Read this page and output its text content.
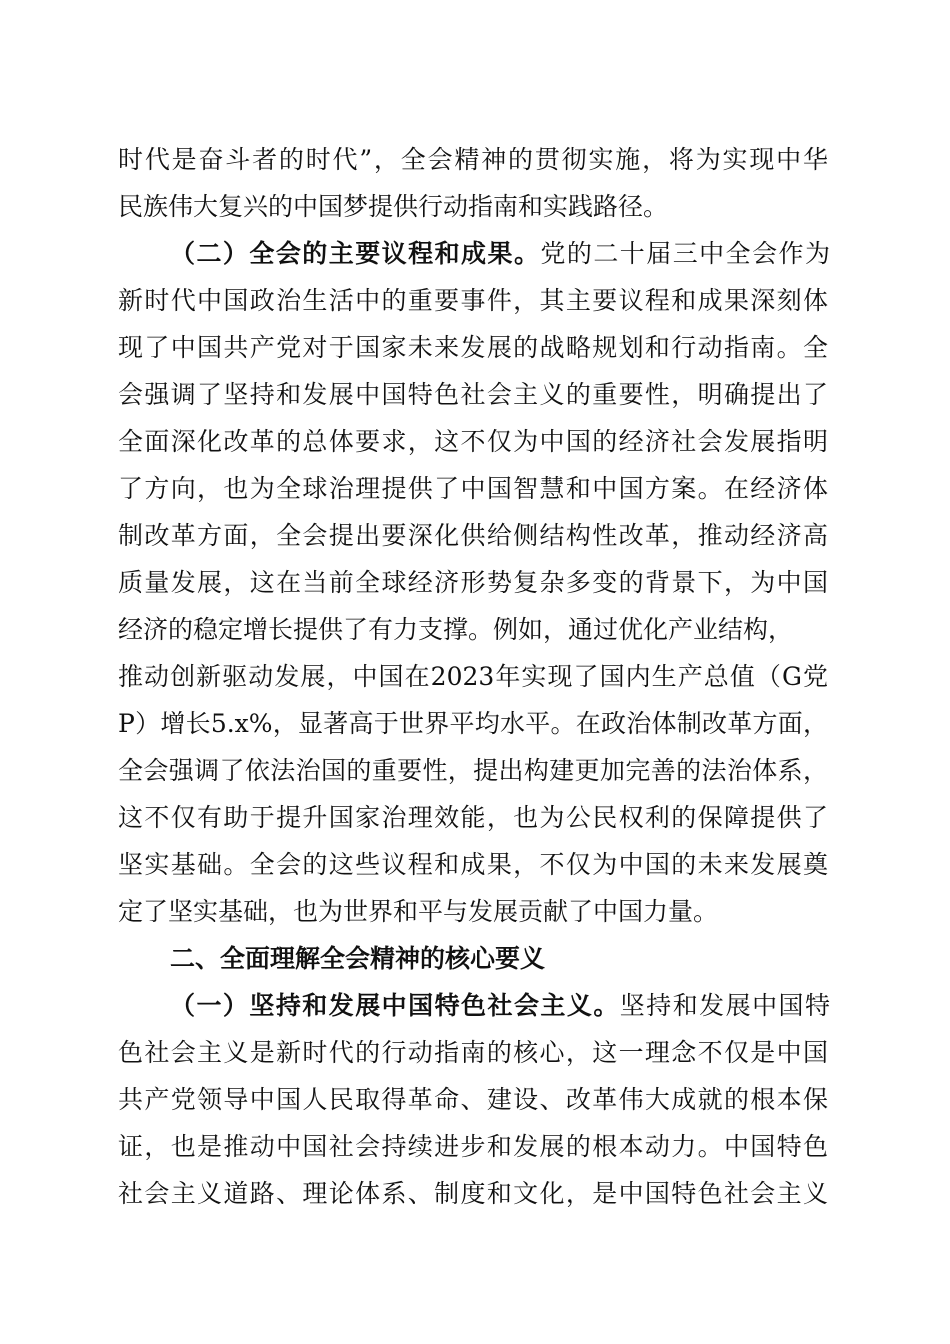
时代是奋斗者的时代”，全会精神的贯彻实施，将为实现中华
民族伟大复兴的中国梦提供行动指南和实践路径。
（二）全会的主要议程和成果。党的二十届三中全会作为
新时代中国政治生活中的重要事件，其主要议程和成果深刻体
现了中国共产党对于国家未来发展的战略规划和行动指南。全
会强调了坚持和发展中国特色社会主义的重要性，明确提出了
全面深化改革的总体要求，这不仅为中国的经济社会发展指明
了方向，也为全球治理提供了中国智慧和中国方案。在经济体
制改革方面，全会提出要深化供给侧结构性改革，推动经济高
质量发展，这在当前全球经济形势复杂多变的背景下，为中国
经济的稳定增长提供了有力支撑。例如，通过优化产业结构，
推动创新驱动发展，中国在2023年实现了国内生产总值（G党
P）增长5.x%，显著高于世界平均水平。在政治体制改革方面，
全会强调了依法治国的重要性，提出构建更加完善的法治体系，
这不仅有助于提升国家治理效能，也为公民权利的保障提供了
坚实基础。全会的这些议程和成果，不仅为中国的未来发展奠
定了坚实基础，也为世界和平与发展贡献了中国力量。
二、全面理解全会精神的核心要义
（一）坚持和发展中国特色社会主义。坚持和发展中国特
色社会主义是新时代的行动指南的核心，这一理念不仅是中国
共产党领导中国人民取得革命、建设、改革伟大成就的根本保
证，也是推动中国社会持续进步和发展的根本动力。中国特色
社会主义道路、理论体系、制度和文化，是中国特色社会主义
